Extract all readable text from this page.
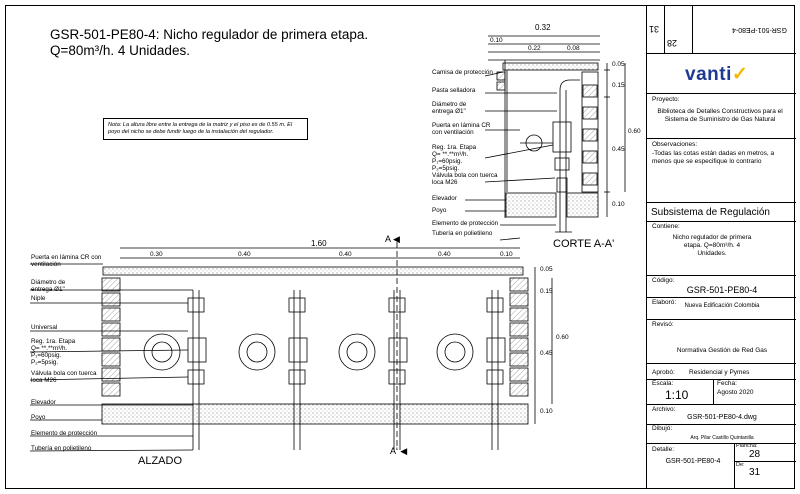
GSR-501-PE80-4: Nicho regulador de primera etapa.
Q=80m³/h. 4 Unidades.
Nota: La altura libre entre la entrega de la matriz y el piso es de 0.55 m. El poyo del nicho se debe fundir luego de la instalación del regulador.
Camisa de protección
Pasta selladora
Diámetro de entrega Ø1"
Puerta en lámina CR con ventilación
Reg. 1ra. Etapa
Q= **.**m³/h.
P₁=60psig.
P₂=5psig.
Válvula bola con tuerca loca M26
Elevador
Poyo
Elemento de protección
Tubería en polietileno
0.32
0.10
0.22	0.08
0.05
0.15
0.45
0.60
0.10
CORTE A-A'
Puerta en lámina CR con ventilación
Diámetro de entrega Ø1"
Niple
Universal
Reg. 1ra. Etapa
Q= **.**m³/h.
P₁=60psig.
P₂=5psig.
Válvula bola con tuerca loca M26
Elevador
Poyo
Elemento de protección
Tubería en polietileno
1.60
0.30	0.40	0.40	0.40	0.10
0.05
0.15
0.45
0.60
0.10
A ◀
A' ◀
ALZADO
31
28
GSR-501-PE80-4
vanti✓
Proyecto:
Biblioteca de Detalles Constructivos para el Sistema de Suministro de Gas Natural
Observaciones:
-Todas las cotas están dadas en metros, a menos que se especifique lo contrario
Subsistema de Regulación
Contiene:
Nicho regulador de primera etapa. Q=80m³/h. 4 Unidades.
Código:
GSR-501-PE80-4
Elaboró:	Nueva Edificación Colombia
Revisó:
Normativa Gestión de Red Gas
Aprobó: Residencial y Pymes
Escala:
1:10
Fecha:
Agosto 2020
Archivo:
GSR-501-PE80-4.dwg
Dibujó:
Arq. Pilar Castillo Quintanilla
Detalle:
GSR-501-PE80-4
Plancha:
28
De:
31
